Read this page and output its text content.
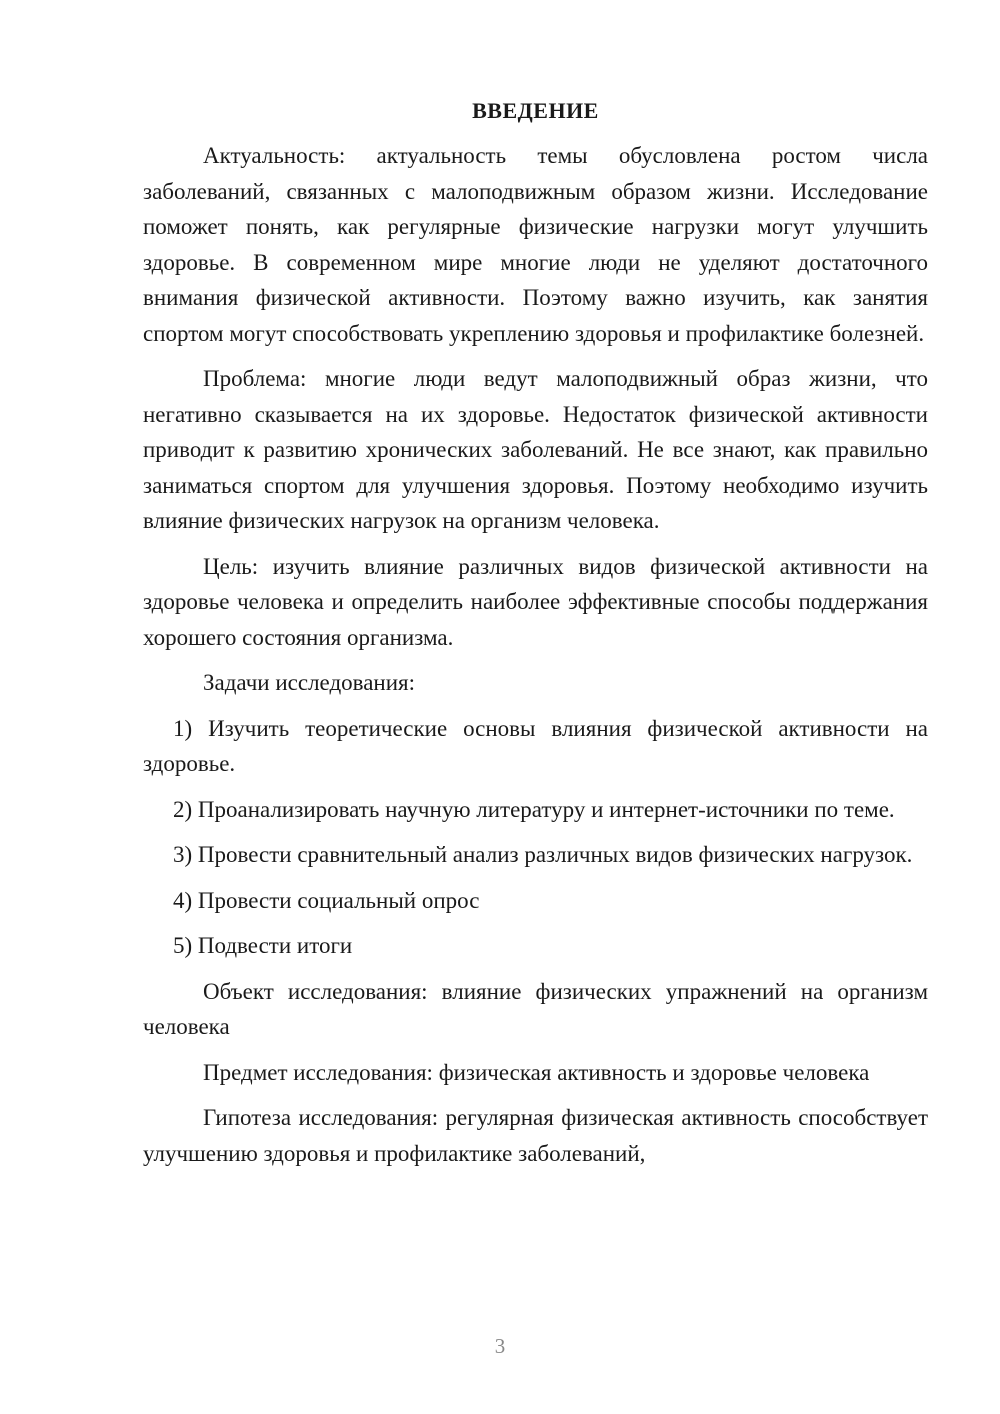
ВВЕДЕНИЕ

Актуальность: актуальность темы обусловлена ростом числа заболеваний, связанных с малоподвижным образом жизни. Исследование поможет понять, как регулярные физические нагрузки могут улучшить здоровье. В современном мире многие люди не уделяют достаточного внимания физической активности. Поэтому важно изучить, как занятия спортом могут способствовать укреплению здоровья и профилактике болезней.

Проблема: многие люди ведут малоподвижный образ жизни, что негативно сказывается на их здоровье. Недостаток физической активности приводит к развитию хронических заболеваний. Не все знают, как правильно заниматься спортом для улучшения здоровья. Поэтому необходимо изучить влияние физических нагрузок на организм человека.

Цель: изучить влияние различных видов физической активности на здоровье человека и определить наиболее эффективные способы поддержания хорошего состояния организма.

Задачи исследования:

1) Изучить теоретические основы влияния физической активности на здоровье.

2) Проанализировать научную литературу и интернет-источники по теме.

3) Провести сравнительный анализ различных видов физических нагрузок.

4) Провести социальный опрос

5) Подвести итоги

Объект исследования: влияние физических упражнений на организм человека

Предмет исследования: физическая активность и здоровье человека

Гипотеза исследования: регулярная физическая активность способствует улучшению здоровья и профилактике заболеваний,

3
